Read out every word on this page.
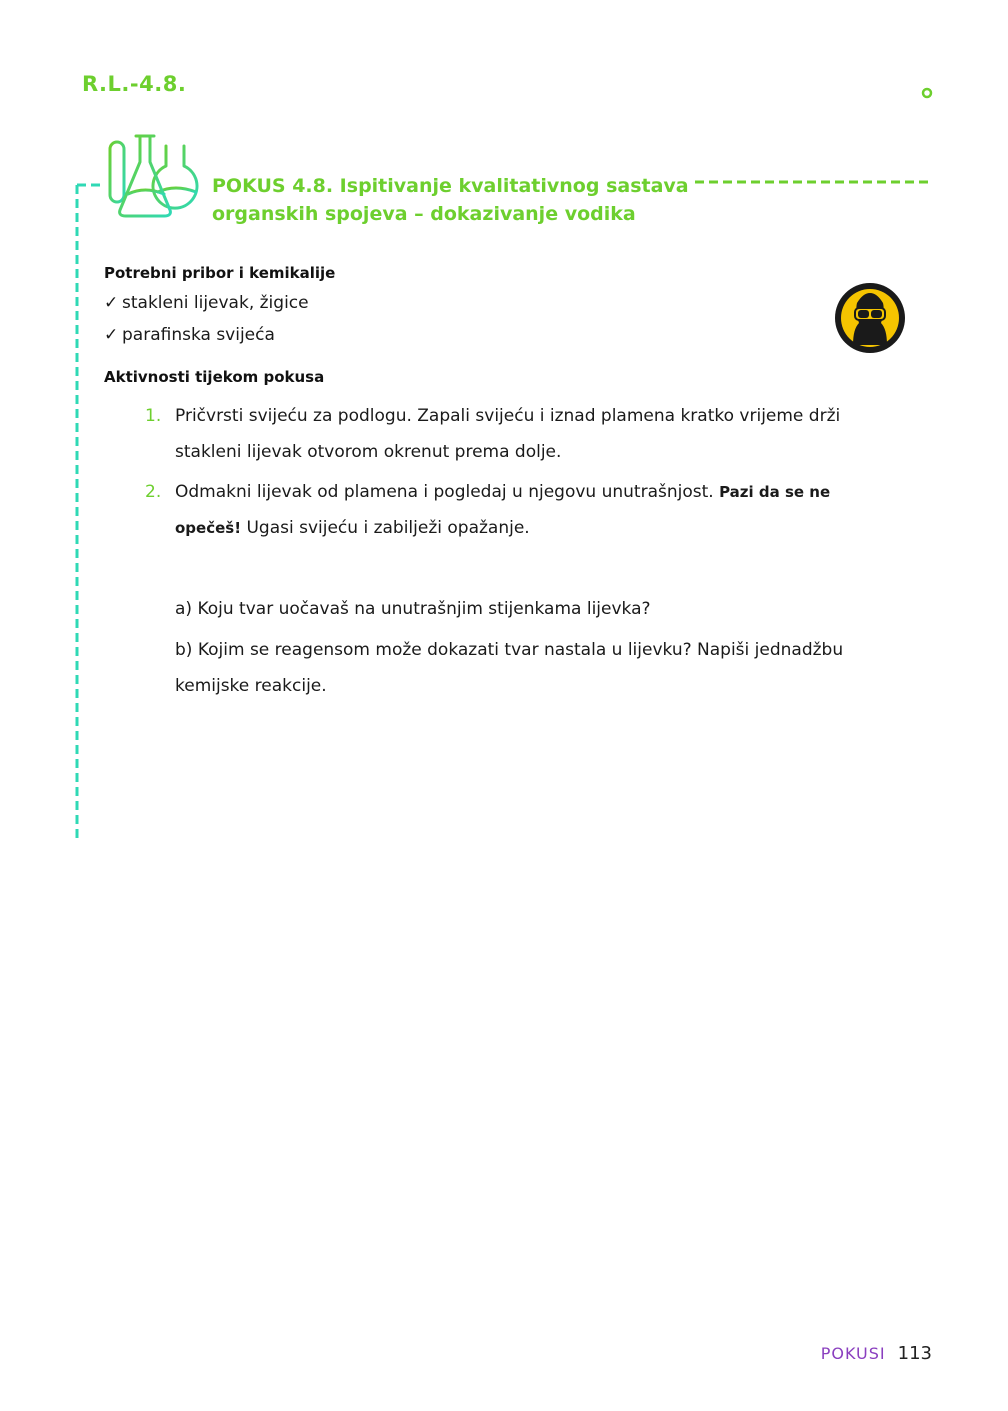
R.L.-4.8.
POKUS 4.8. Ispitivanje kvalitativnog sastava
organskih spojeva – dokazivanje vodika
Potrebni pribor i kemikalije
✓ stakleni lijevak, žigice
✓ parafinska svijeća
Aktivnosti tijekom pokusa
1. Pričvrsti svijeću za podlogu. Zapali svijeću i iznad plamena kratko vrijeme drži
stakleni lijevak otvorom okrenut prema dolje.
2. Odmakni lijevak od plamena i pogledaj u njegovu unutrašnjost. Pazi da se ne
opečeš! Ugasi svijeću i zabilježi opažanje.
a) Koju tvar uočavaš na unutrašnjim stijenkama lijevka?
b) Kojim se reagensom može dokazati tvar nastala u lijevku? Napiši jednadžbu
kemijske reakcije.
POKUSI 113
